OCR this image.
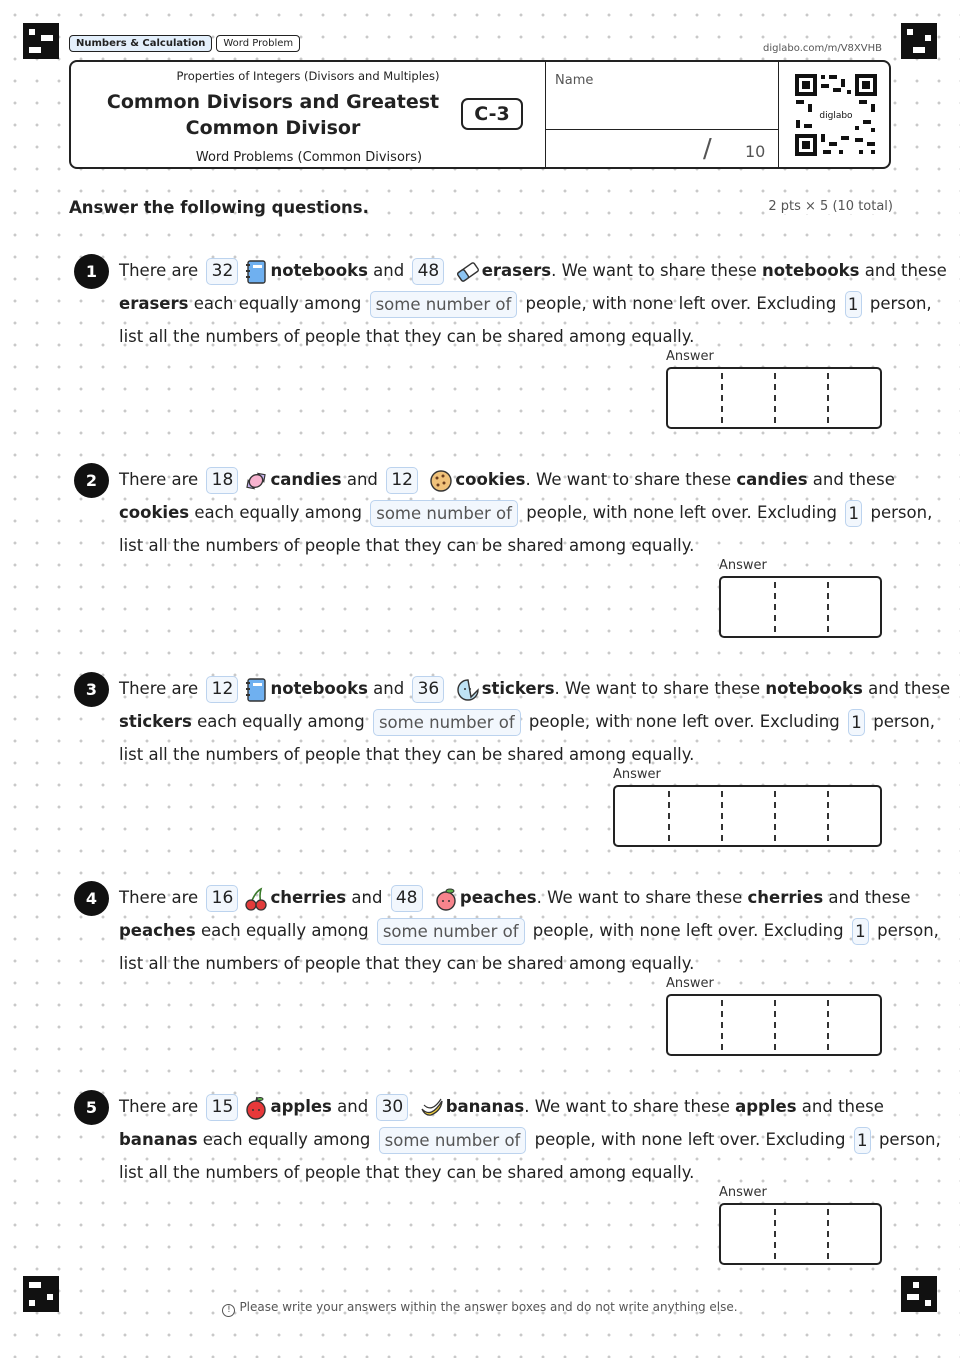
Numbers & Calculation	Word Problem	diglabo.com/m/V8XVHB
Properties of Integers (Divisors and Multiples)
Common Divisors and Greatest
Common Divisor
C-3
Word Problems (Common Divisors)
Name
/ 10
diglabo
Answer the following questions.	2 pts × 5 (10 total)
1	There are 32 notebooks and 48	erasers. We want to share these notebooks and these
erasers each equally among some number of people, with none left over. Excluding 1 person,
list all the numbers of people that they can be shared among equally.
Answer
2	There are 18 candies and 12	cookies. We want to share these candies and these
cookies each equally among some number of people, with none left over. Excluding 1 person,
list all the numbers of people that they can be shared among equally.
Answer
3	There are 12 notebooks and 36	stickers. We want to share these notebooks and these
stickers each equally among some number of people, with none left over. Excluding 1 person,
list all the numbers of people that they can be shared among equally.
Answer
4	There are 16 cherries and 48	peaches. We want to share these cherries and these
peaches each equally among some number of people, with none left over. Excluding 1 person,
list all the numbers of people that they can be shared among equally.
Answer
5	There are 15 apples and 30	bananas. We want to share these apples and these
bananas each equally among some number of people, with none left over. Excluding 1 person,
list all the numbers of people that they can be shared among equally.
Answer
! Please write your answers within the answer boxes and do not write anything else.
